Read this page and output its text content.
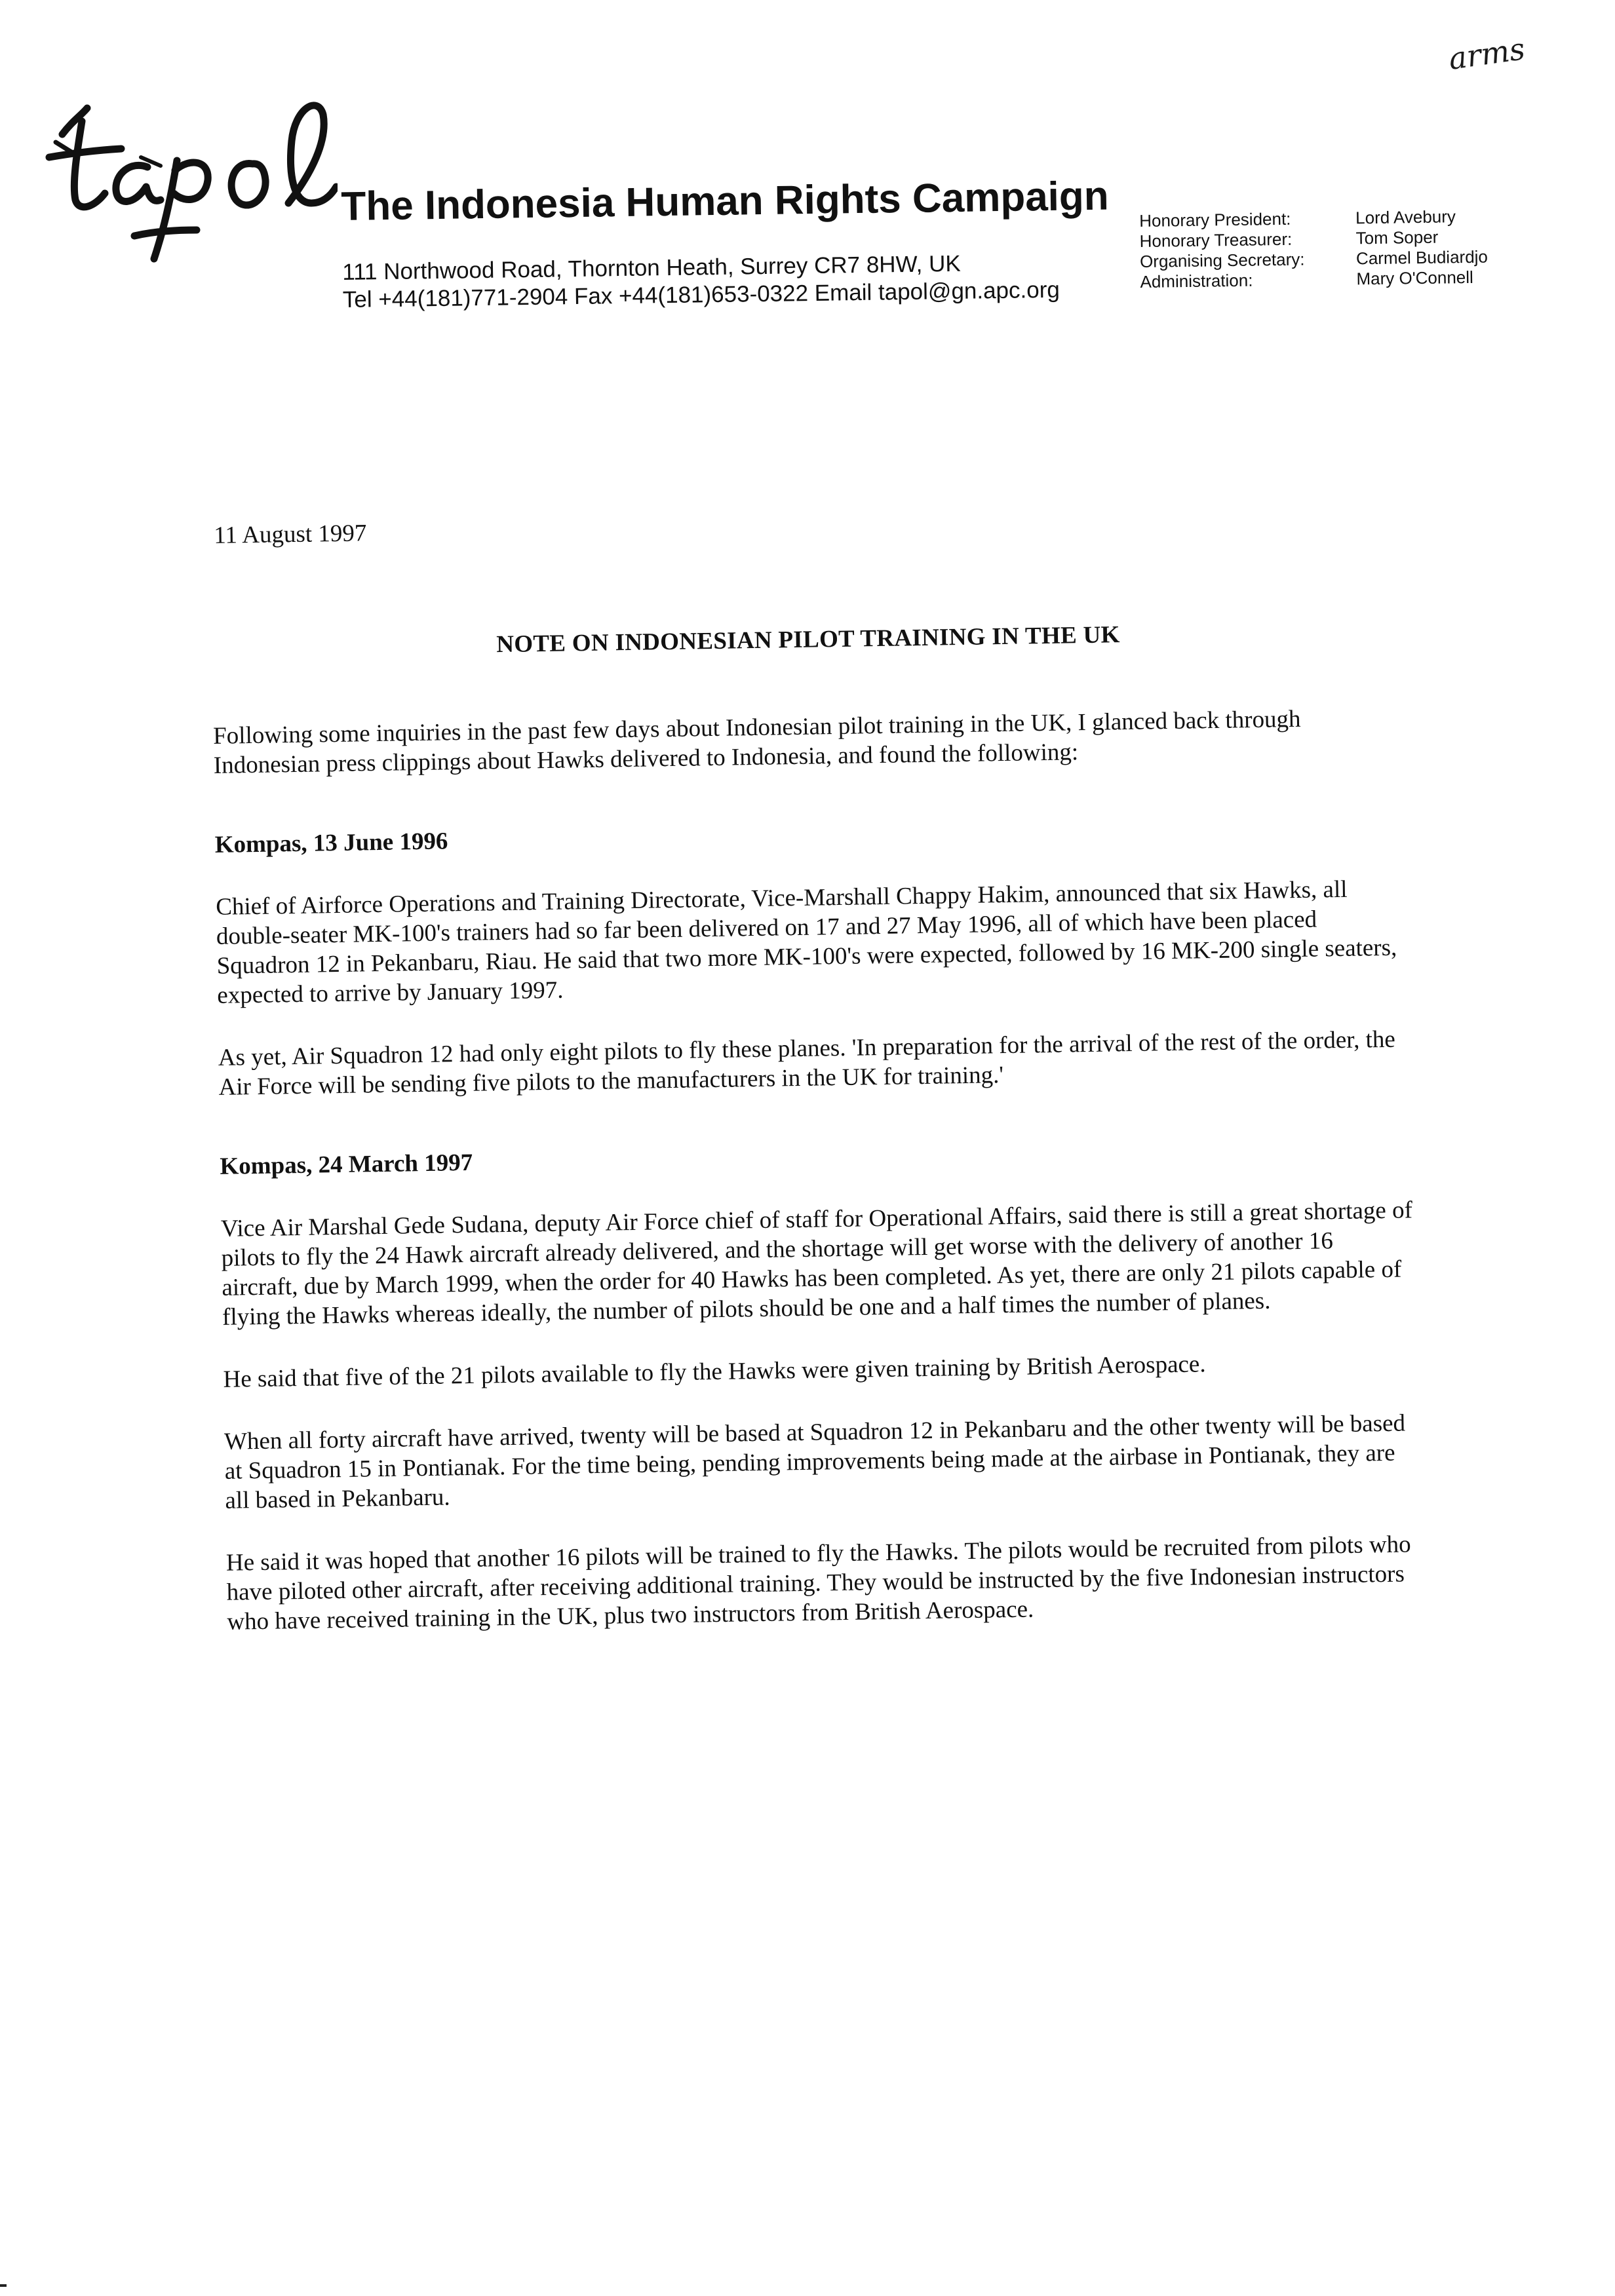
arms
The Indonesia Human Rights Campaign
111 Northwood Road, Thornton Heath, Surrey CR7 8HW, UK
Tel +44(181)771-2904 Fax +44(181)653-0322 Email tapol@gn.apc.org
Honorary President:	Lord Avebury
Honorary Treasurer:	Tom Soper
Organising Secretary:	Carmel Budiardjo
Administration:	Mary O'Connell
11 August 1997
NOTE ON INDONESIAN PILOT TRAINING IN THE UK

Following some inquiries in the past few days about Indonesian pilot training in the UK, I glanced back through Indonesian press clippings about Hawks delivered to Indonesia, and found the following:

Kompas, 13 June 1996

Chief of Airforce Operations and Training Directorate, Vice-Marshall Chappy Hakim, announced that six Hawks, all double-seater MK-100's trainers had so far been delivered on 17 and 27 May 1996, all of which have been placed Squadron 12 in Pekanbaru, Riau. He said that two more MK-100's were expected, followed by 16 MK-200 single seaters, expected to arrive by January 1997.

As yet, Air Squadron 12 had only eight pilots to fly these planes. 'In preparation for the arrival of the rest of the order, the Air Force will be sending five pilots to the manufacturers in the UK for training.'

Kompas, 24 March 1997

Vice Air Marshal Gede Sudana, deputy Air Force chief of staff for Operational Affairs, said there is still a great shortage of pilots to fly the 24 Hawk aircraft already delivered, and the shortage will get worse with the delivery of another 16 aircraft, due by March 1999, when the order for 40 Hawks has been completed. As yet, there are only 21 pilots capable of flying the Hawks whereas ideally, the number of pilots should be one and a half times the number of planes.

He said that five of the 21 pilots available to fly the Hawks were given training by British Aerospace.

When all forty aircraft have arrived, twenty will be based at Squadron 12 in Pekanbaru and the other twenty will be based at Squadron 15 in Pontianak. For the time being, pending improvements being made at the airbase in Pontianak, they are all based in Pekanbaru.

He said it was hoped that another 16 pilots will be trained to fly the Hawks. The pilots would be recruited from pilots who have piloted other aircraft, after receiving additional training. They would be instructed by the five Indonesian instructors who have received training in the UK, plus two instructors from British Aerospace.
